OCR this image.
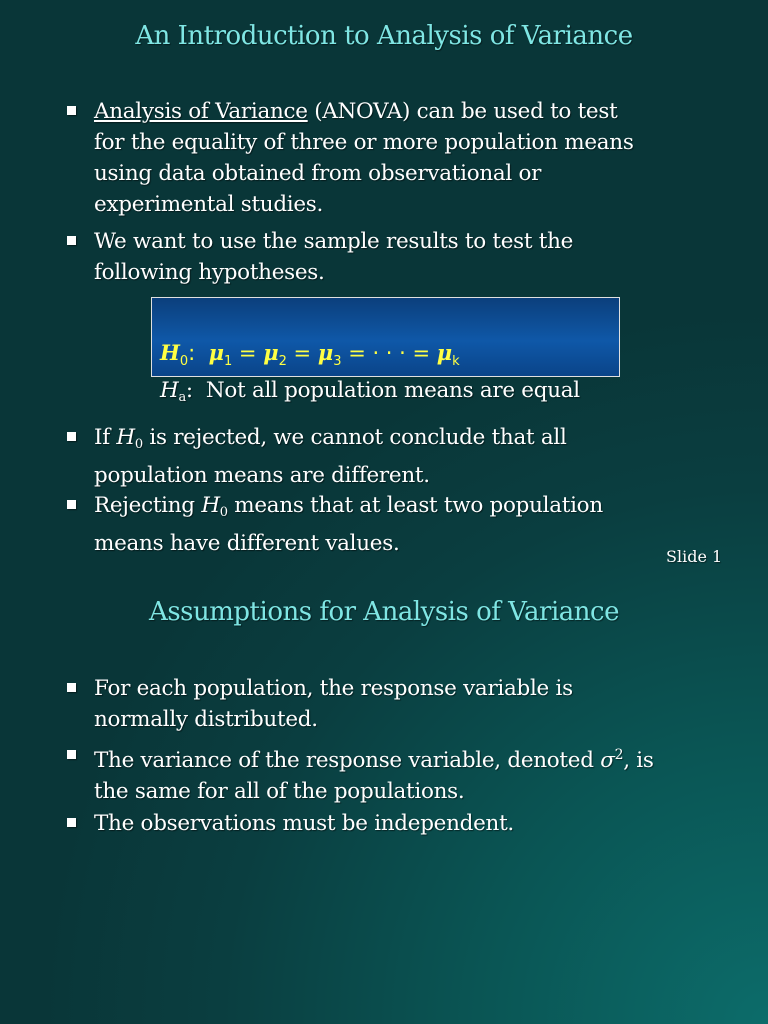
An Introduction to Analysis of Variance
Analysis of Variance (ANOVA) can be used to test
for the equality of three or more population means
using data obtained from observational or
experimental studies.
We want to use the sample results to test the
following hypotheses.
$H_0$: $\mu_1 = \mu_2 = \mu_3$ = · · · = $\mu_k$
$H_a$:  Not all population means are equal
If $H_0$ is rejected, we cannot conclude that all
population means are different.
Rejecting $H_0$ means that at least two population
means have different values.
Slide 1
Assumptions for Analysis of Variance
For each population, the response variable is
normally distributed.
The variance of the response variable, denoted $\sigma^2$, is
the same for all of the populations.
The observations must be independent.
